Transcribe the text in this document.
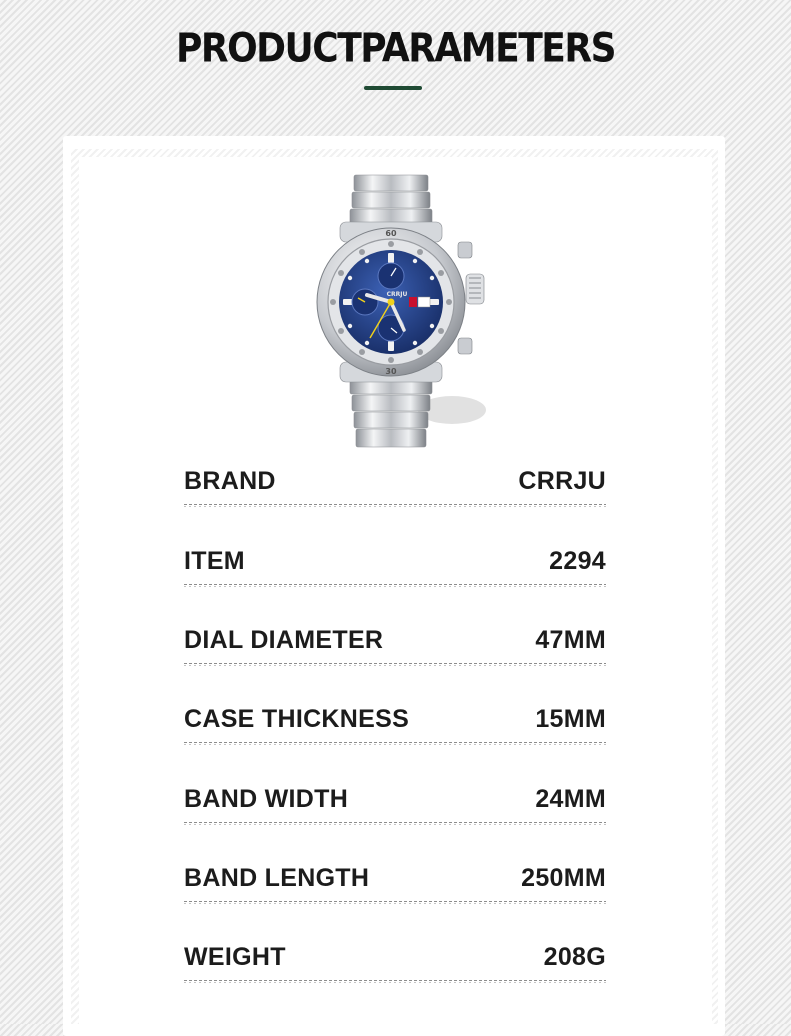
PRODUCTPARAMETERS
60
30
CRRJU
BRAND	CRRJU
ITEM	2294
DIAL DIAMETER	47MM
CASE THICKNESS	15MM
BAND WIDTH	24MM
BAND LENGTH	250MM
WEIGHT	208G
